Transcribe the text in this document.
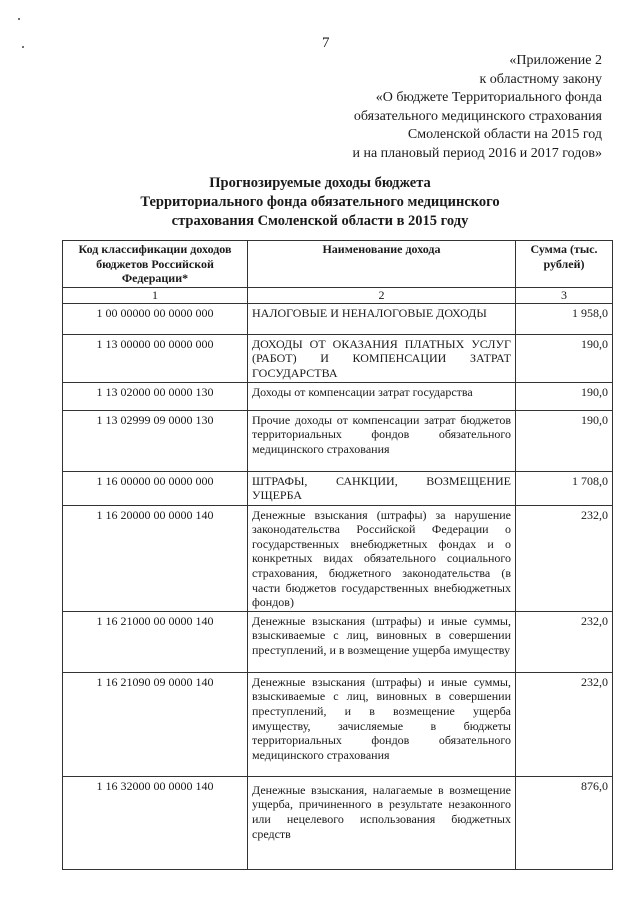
7
«Приложение 2
к областному закону
«О бюджете Территориального фонда
обязательного медицинского страхования
Смоленской области на 2015 год
и на плановый период 2016 и 2017 годов»
Прогнозируемые доходы бюджета
Территориального фонда обязательного медицинского
страхования Смоленской области в 2015 году
Код классификации доходов бюджетов Российской Федерации*	Наименование дохода	Сумма (тыс. рублей)
1	2	3
1 00 00000 00 0000 000	НАЛОГОВЫЕ И НЕНАЛОГОВЫЕ ДОХОДЫ	1 958,0
1 13 00000 00 0000 000	ДОХОДЫ ОТ ОКАЗАНИЯ ПЛАТНЫХ УСЛУГ (РАБОТ) И КОМПЕНСАЦИИ ЗАТРАТ ГОСУДАРСТВА	190,0
1 13 02000 00 0000 130	Доходы от компенсации затрат государства	190,0
1 13 02999 09 0000 130	Прочие доходы от компенсации затрат бюджетов территориальных фондов обязательного медицинского страхования	190,0
1 16 00000 00 0000 000	ШТРАФЫ, САНКЦИИ, ВОЗМЕЩЕНИЕ УЩЕРБА	1 708,0
1 16 20000 00 0000 140	Денежные взыскания (штрафы) за нарушение законодательства Российской Федерации о государственных внебюджетных фондах и о конкретных видах обязательного социального страхования, бюджетного законодательства (в части бюджетов государственных внебюджетных фондов)	232,0
1 16 21000 00 0000 140	Денежные взыскания (штрафы) и иные суммы, взыскиваемые с лиц, виновных в совершении преступлений, и в возмещение ущерба имуществу	232,0
1 16 21090 09 0000 140	Денежные взыскания (штрафы) и иные суммы, взыскиваемые с лиц, виновных в совершении преступлений, и в возмещение ущерба имуществу, зачисляемые в бюджеты территориальных фондов обязательного медицинского страхования	232,0
1 16 32000 00 0000 140	Денежные взыскания, налагаемые в возмещение ущерба, причиненного в результате незаконного или нецелевого использования бюджетных средств	876,0
